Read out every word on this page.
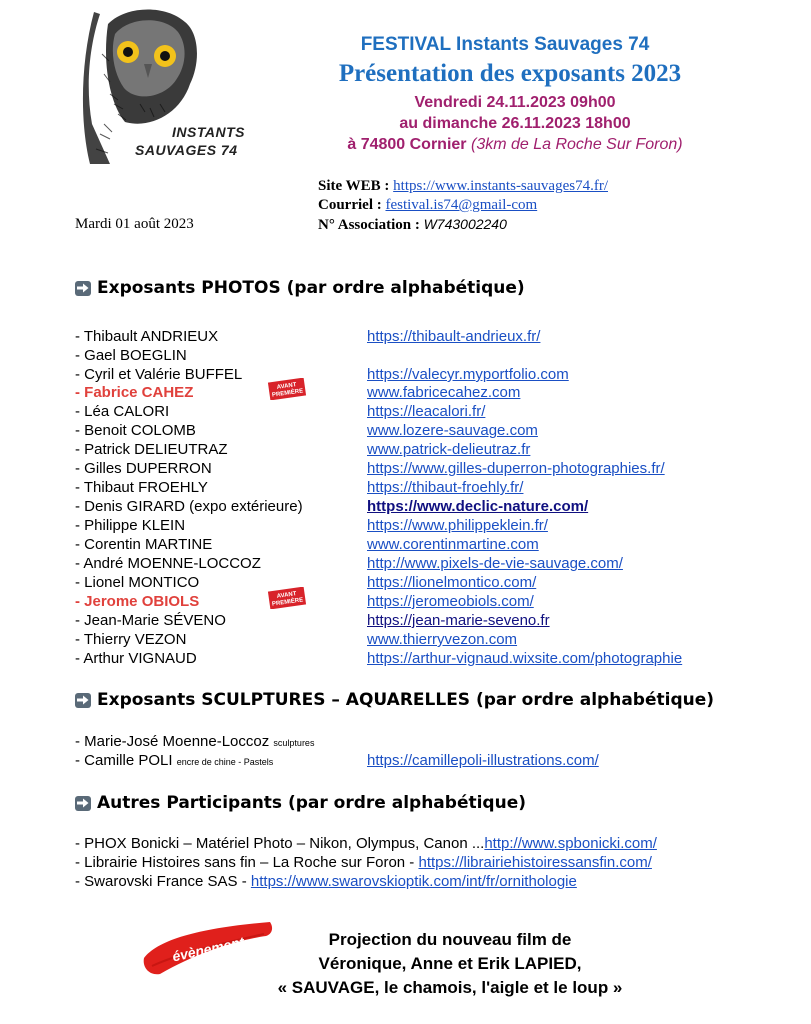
INSTANTS
SAUVAGES 74
FESTIVAL Instants Sauvages 74
Présentation des exposants 2023
Vendredi 24.11.2023 09h00
au dimanche 26.11.2023 18h00
à 74800 Cornier (3km de La Roche Sur Foron)
Site WEB : https://www.instants-sauvages74.fr/
Courriel : festival.is74@gmail-com
N° Association : W743002240
Mardi 01 août 2023
Exposants PHOTOS (par ordre alphabétique)
- Thibault ANDRIEUX	https://thibault-andrieux.fr/
- Gael BOEGLIN
- Cyril et Valérie BUFFEL	https://valecyr.myportfolio.com
- Fabrice CAHEZ	www.fabricecahez.com
- Léa CALORI	https://leacalori.fr/
- Benoit COLOMB	www.lozere-sauvage.com
- Patrick DELIEUTRAZ	www.patrick-delieutraz.fr
- Gilles DUPERRON	https://www.gilles-duperron-photographies.fr/
- Thibaut FROEHLY	https://thibaut-froehly.fr/
- Denis GIRARD (expo extérieure)	https://www.declic-nature.com/
- Philippe KLEIN	https://www.philippeklein.fr/
- Corentin MARTINE	www.corentinmartine.com
- André MOENNE-LOCCOZ	http://www.pixels-de-vie-sauvage.com/
- Lionel MONTICO	https://lionelmontico.com/
- Jerome OBIOLS	https://jeromeobiols.com/
- Jean-Marie SÉVENO	https://jean-marie-seveno.fr
- Thierry VEZON	www.thierryvezon.com
- Arthur VIGNAUD	https://arthur-vignaud.wixsite.com/photographie
AVANT
PREMIÈRE
AVANT
PREMIÈRE
Exposants SCULPTURES – AQUARELLES (par ordre alphabétique)
- Marie-José Moenne-Loccoz sculptures
- Camille POLI encre de chine - Pastels	https://camillepoli-illustrations.com/
Autres Participants (par ordre alphabétique)
- PHOX Bonicki – Matériel Photo – Nikon, Olympus, Canon ...http://www.spbonicki.com/
- Librairie Histoires sans fin – La Roche sur Foron - https://librairiehistoiressansfin.com/
- Swarovski France SAS - https://www.swarovskioptik.com/int/fr/ornithologie
évènement	Projection du nouveau film de
Véronique, Anne et Erik LAPIED,
« SAUVAGE, le chamois, l'aigle et le loup »
